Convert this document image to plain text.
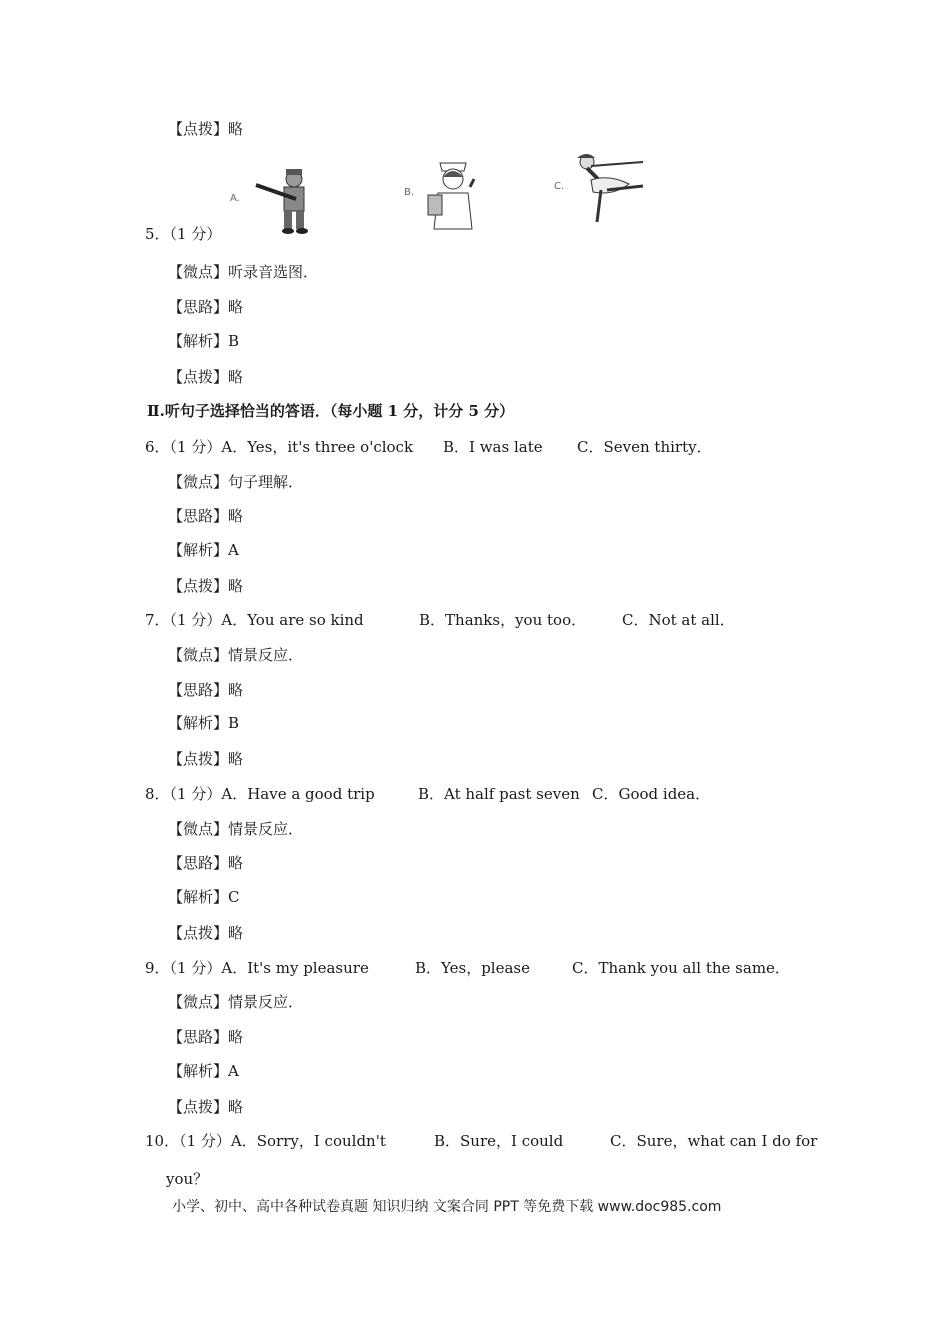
【点拨】略
A.
B.
C.
5．（1 分）
【微点】听录音选图．
【思路】略
【解析】B
【点拨】略
Ⅱ.听句子选择恰当的答语．（每小题 1 分，计分 5 分）
6．（1 分）A．Yes，it's three o'clock B．I was late C．Seven thirty．
【微点】句子理解．
【思路】略
【解析】A
【点拨】略
7．（1 分）A．You are so kind	B．Thanks，you too． C．Not at all．
【微点】情景反应．
【思路】略
【解析】B
【点拨】略
8．（1 分）A．Have a good trip	B．At half past seven C．Good idea．
【微点】情景反应．
【思路】略
【解析】C
【点拨】略
9．（1 分）A．It's my pleasure	B．Yes，please	C．Thank you all the same．
【微点】情景反应．
【思路】略
【解析】A
【点拨】略
10．（1 分）A．Sorry，I couldn't	B．Sure，I could	C．Sure，what can I do for
you？
小学、初中、高中各种试卷真题 知识归纳 文案合同 PPT 等免费下载 www.doc985.com
